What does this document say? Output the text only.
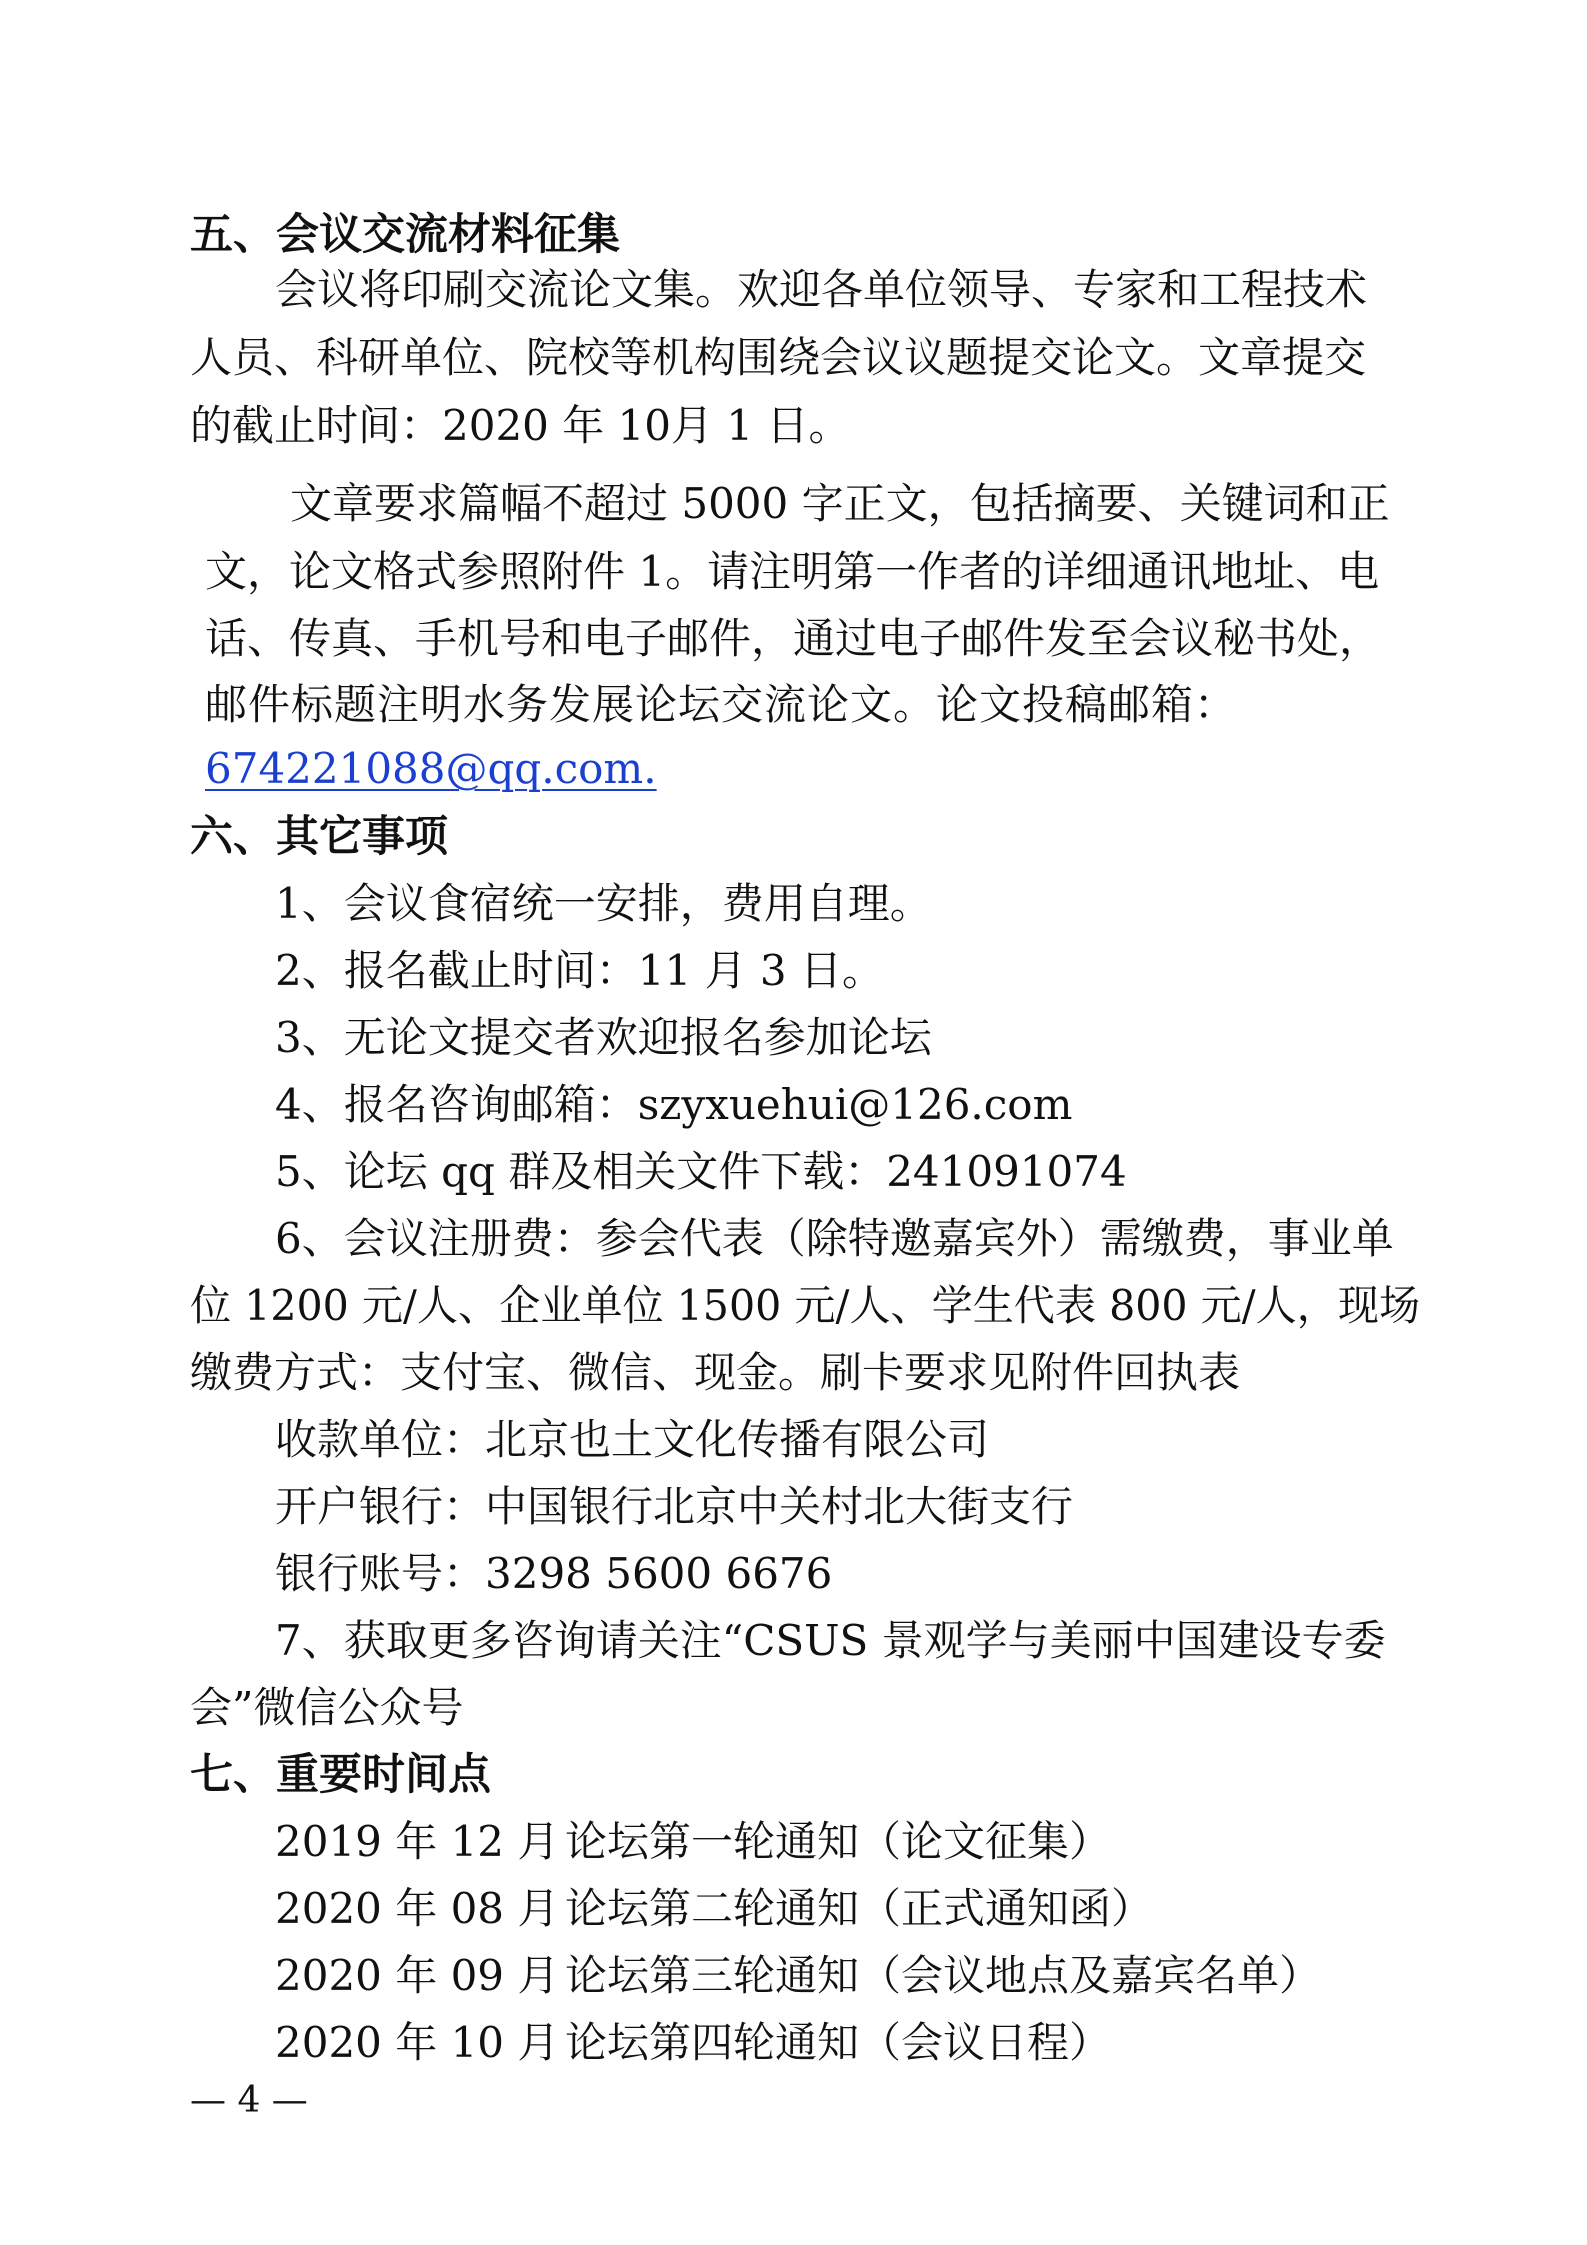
五、会议交流材料征集
会议将印刷交流论文集。欢迎各单位领导、专家和工程技术
人员、科研单位、院校等机构围绕会议议题提交论文。文章提交
的截止时间：2020 年 10月 1 日。
文章要求篇幅不超过 5000 字正文，包括摘要、关键词和正
文，论文格式参照附件 1。请注明第一作者的详细通讯地址、电
话、传真、手机号和电子邮件，通过电子邮件发至会议秘书处，
邮件标题注明水务发展论坛交流论文。论文投稿邮箱：
674221088@qq.com.
六、其它事项
1、会议食宿统一安排，费用自理。
2、报名截止时间：11 月 3 日。
3、无论文提交者欢迎报名参加论坛
4、报名咨询邮箱：szyxuehui@126.com
5、论坛 qq 群及相关文件下载：241091074
6、会议注册费：参会代表（除特邀嘉宾外）需缴费，事业单
位 1200 元/人、企业单位 1500 元/人、学生代表 800 元/人，现场
缴费方式：支付宝、微信、现金。刷卡要求见附件回执表
收款单位：北京也土文化传播有限公司
开户银行：中国银行北京中关村北大街支行
银行账号：3298 5600 6676
7、获取更多咨询请关注“CSUS 景观学与美丽中国建设专委
会”微信公众号
七、重要时间点
2019 年 12 月 论坛第一轮通知（论文征集）
2020 年 08 月 论坛第二轮通知（正式通知函）
2020 年 09 月 论坛第三轮通知（会议地点及嘉宾名单）
2020 年 10 月 论坛第四轮通知（会议日程）
— 4 —
